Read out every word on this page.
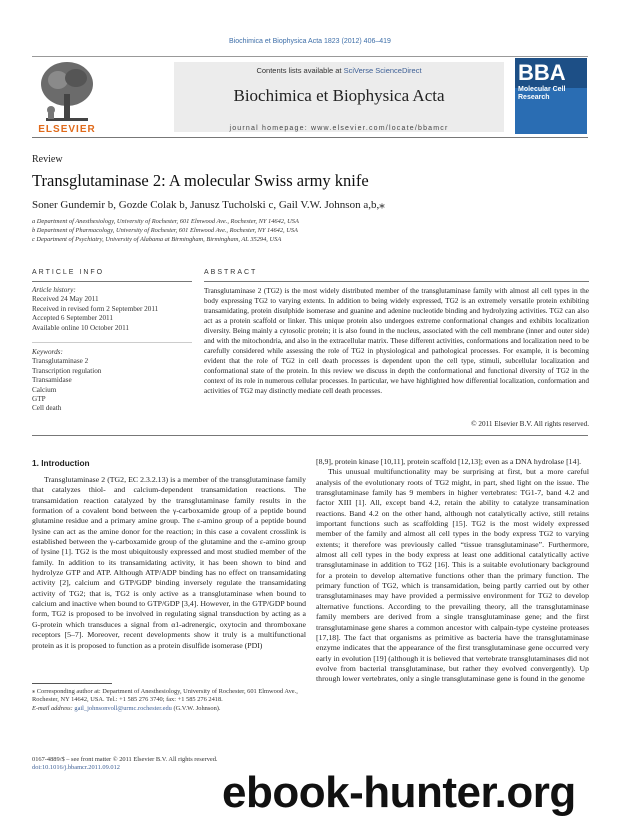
Biochimica et Biophysica Acta 1823 (2012) 406–419
ELSEVIER
Contents lists available at SciVerse ScienceDirect
Biochimica et Biophysica Acta
journal homepage: www.elsevier.com/locate/bbamcr
BBA
Molecular Cell Research
Review
Transglutaminase 2: A molecular Swiss army knife
Soner Gundemir b, Gozde Colak b, Janusz Tucholski c, Gail V.W. Johnson a,b,⁎
a Department of Anesthesiology, University of Rochester, 601 Elmwood Ave., Rochester, NY 14642, USA
b Department of Pharmacology, University of Rochester, 601 Elmwood Ave., Rochester, NY 14642, USA
c Department of Psychiatry, University of Alabama at Birmingham, Birmingham, AL 35294, USA
ARTICLE INFO	ABSTRACT
Article history:
Received 24 May 2011
Received in revised form 2 September 2011
Accepted 6 September 2011
Available online 10 October 2011
Keywords:
Transglutaminase 2
Transcription regulation
Transamidase
Calcium
GTP
Cell death
Transglutaminase 2 (TG2) is the most widely distributed member of the transglutaminase family with almost all cell types in the body expressing TG2 to varying extents. In addition to being widely expressed, TG2 is an extremely versatile protein exhibiting transamidating, protein disulphide isomerase and guanine and adenine nucleotide binding and hydrolyzing activities. TG2 can also act as a protein scaffold or linker. This unique protein also undergoes extreme conformational changes and exhibits localization diversity. Being mainly a cytosolic protein; it is also found in the nucleus, associated with the cell membrane (inner and outer side) and with the mitochondria, and also in the extracellular matrix. These different activities, conformations and localization need to be carefully considered while assessing the role of TG2 in physiological and pathological processes. For example, it is becoming evident that the role of TG2 in cell death processes is dependent upon the cell type, stimuli, subcellular localization and conformational state of the protein. In this review we discuss in depth the conformational and functional diversity of TG2 in the context of its role in numerous cellular processes. In particular, we have highlighted how differential localization, conformation and activities of TG2 may distinctly mediate cell death processes.
© 2011 Elsevier B.V. All rights reserved.
1. Introduction

Transglutaminase 2 (TG2, EC 2.3.2.13) is a member of the transglutaminase family that catalyzes thiol- and calcium-dependent transamidation reactions. The transamidation reaction catalyzed by the transglutaminase family results in the formation of a covalent bond between the γ-carboxamide group of a peptide bound glutamine residue and a primary amine group. The ε-amino group of a peptide bound lysine can act as the amine donor for the reaction; in this case a covalent crosslink is established between the γ-carboxamide group of the glutamine and the ε-amino group of lysine [1]. TG2 is the most ubiquitously expressed and most studied member of the family. In addition to its transamidating activity, it has been shown to bind and hydrolyze GTP and ATP. Although ATP/ADP binding has no effect on transamidating activity [2], calcium and GTP/GDP binding inversely regulate the transamidating activity of TG2; that is, TG2 is only active as a transglutaminase when bound to calcium and inactive when bound to GTP/GDP [3,4]. However, in the GTP/GDP bound form, TG2 is proposed to be involved in regulating signal transduction by acting as a G-protein which transduces a signal from α1-adrenergic, oxytocin and thromboxane receptors [5–7]. Moreover, recent developments show it truly is a multifunctional protein as it is proposed to function as a protein disulfide isomerase (PDI)

[8,9], protein kinase [10,11], protein scaffold [12,13]; even as a DNA hydrolase [14].

This unusual multifunctionality may be surprising at first, but a more careful analysis of the evolutionary roots of TG2 might, in part, shed light on the issue. The transglutaminase family has 9 members in higher vertebrates: TG1-7, band 4.2 and factor XIII [1]. All, except band 4.2, retain the ability to catalyze transamination reactions. Band 4.2 on the other hand, although not catalytically active, still retains important functions such as scaffolding [15]. TG2 is the most widely expressed member of the family and almost all cell types in the body express TG2 to varying extents; it therefore was previously called “tissue transglutaminase”. Furthermore, almost all cell types in the body express at least one additional catalytically active transglutaminase in addition to TG2 [16]. This is a suitable evolutionary background for a protein to develop alternative functions other than the primary function. The primary function of TG2, which is transamidation, being partly carried out by other transglutaminases may have provided a permissive environment for TG2 to develop alternative functions. According to the prevailing theory, all the transglutaminase family members are derived from a single transglutaminase gene; and the first transglutaminase gene shares a common ancestor with calpain-type cysteine proteases [17,18]. The fact that organisms as primitive as bacteria have the transglutaminase enzyme indicates that the appearance of the first transglutaminase gene occurred very early in evolution [19] (although it is believed that vertebrate transglutaminases did not evolve from bacterial transglutaminase, but rather they evolved convergently). Up through lower vertebrates, only a single transglutaminase gene is found in the genome

⁎ Corresponding author at: Department of Anesthesiology, University of Rochester, 601 Elmwood Ave., Rochester, NY 14642, USA. Tel.: +1 585 276 3740; fax: +1 585 276 2418.
E-mail address: gail_johnsonvoll@urmc.rochester.edu (G.V.W. Johnson).
0167-4889/$ – see front matter © 2011 Elsevier B.V. All rights reserved.
doi:10.1016/j.bbamcr.2011.09.012
ebook-hunter.org
